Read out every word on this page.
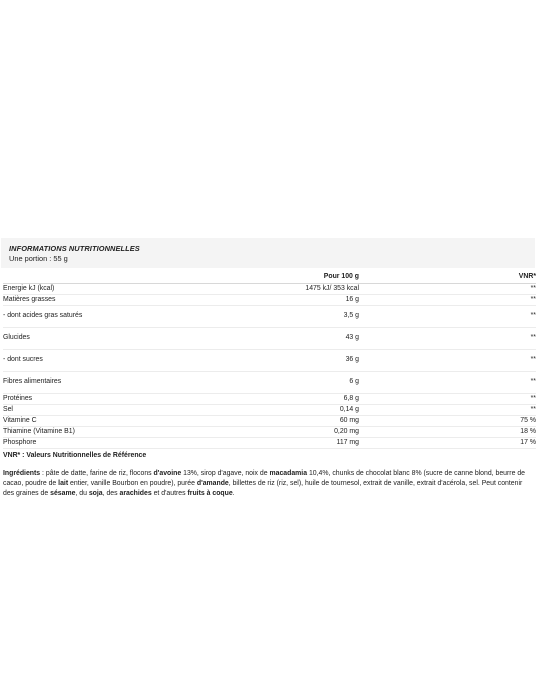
INFORMATIONS NUTRITIONNELLES
Une portion : 55 g
	Pour 100 g	VNR*
Energie kJ (kcal)	1475 kJ/ 353 kcal	**
Matières grasses	16 g	**
- dont acides gras saturés	3,5 g	**
Glucides	43 g	**
- dont sucres	36 g	**
Fibres alimentaires	6 g	**
Protéines	6,8 g	**
Sel	0,14 g	**
Vitamine C	60 mg	75 %
Thiamine (Vitamine B1)	0,20 mg	18 %
Phosphore	117 mg	17 %
VNR* : Valeurs Nutritionnelles de Référence
Ingrédients : pâte de datte, farine de riz, flocons d'avoine 13%, sirop d'agave, noix de macadamia 10,4%, chunks de chocolat blanc 8% (sucre de canne blond, beurre de cacao, poudre de lait entier, vanille Bourbon en poudre), purée d'amande, billettes de riz (riz, sel), huile de tournesol, extrait de vanille, extrait d'acérola, sel. Peut contenir des graines de sésame, du soja, des arachides et d'autres fruits à coque.
